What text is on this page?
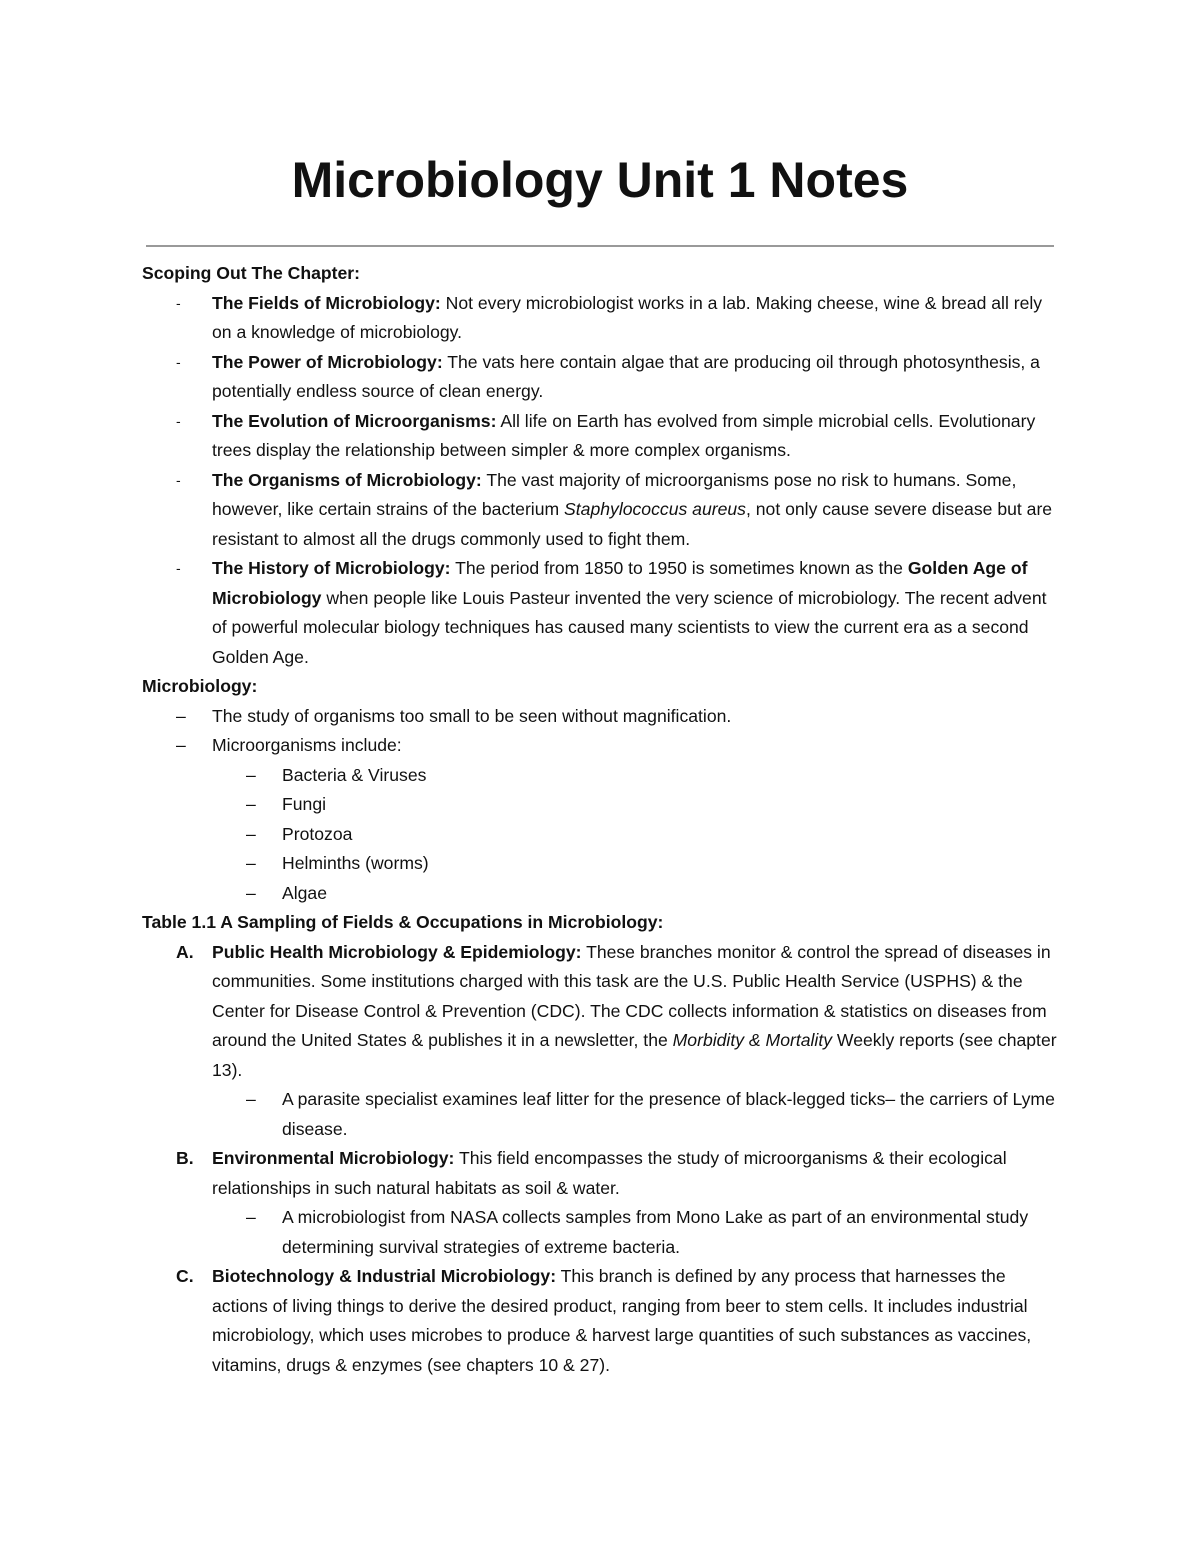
Microbiology Unit 1 Notes
Scoping Out The Chapter:
- The Fields of Microbiology: Not every microbiologist works in a lab. Making cheese, wine & bread all rely on a knowledge of microbiology.
- The Power of Microbiology: The vats here contain algae that are producing oil through photosynthesis, a potentially endless source of clean energy.
- The Evolution of Microorganisms: All life on Earth has evolved from simple microbial cells. Evolutionary trees display the relationship between simpler & more complex organisms.
- The Organisms of Microbiology: The vast majority of microorganisms pose no risk to humans. Some, however, like certain strains of the bacterium Staphylococcus aureus, not only cause severe disease but are resistant to almost all the drugs commonly used to fight them.
- The History of Microbiology: The period from 1850 to 1950 is sometimes known as the Golden Age of Microbiology when people like Louis Pasteur invented the very science of microbiology. The recent advent of powerful molecular biology techniques has caused many scientists to view the current era as a second Golden Age.
Microbiology:
– The study of organisms too small to be seen without magnification.
– Microorganisms include:
– Bacteria & Viruses
– Fungi
– Protozoa
– Helminths (worms)
– Algae
Table 1.1 A Sampling of Fields & Occupations in Microbiology:
A. Public Health Microbiology & Epidemiology: These branches monitor & control the spread of diseases in communities. Some institutions charged with this task are the U.S. Public Health Service (USPHS) & the Center for Disease Control & Prevention (CDC). The CDC collects information & statistics on diseases from around the United States & publishes it in a newsletter, the Morbidity & Mortality Weekly reports (see chapter 13).
– A parasite specialist examines leaf litter for the presence of black-legged ticks– the carriers of Lyme disease.
B. Environmental Microbiology: This field encompasses the study of microorganisms & their ecological relationships in such natural habitats as soil & water.
– A microbiologist from NASA collects samples from Mono Lake as part of an environmental study determining survival strategies of extreme bacteria.
C. Biotechnology & Industrial Microbiology: This branch is defined by any process that harnesses the actions of living things to derive the desired product, ranging from beer to stem cells. It includes industrial microbiology, which uses microbes to produce & harvest large quantities of such substances as vaccines, vitamins, drugs & enzymes (see chapters 10 & 27).
